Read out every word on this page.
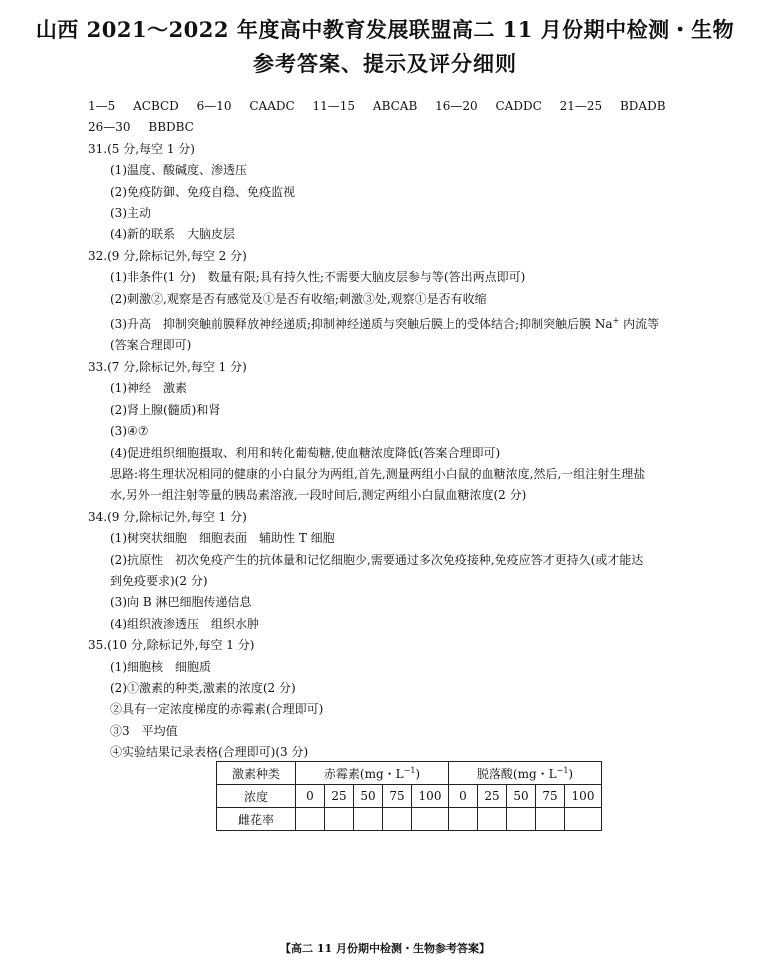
山西 2021～2022 年度高中教育发展联盟高二 11 月份期中检测・生物
参考答案、提示及评分细则
1—5 ACBCD 6—10 CAADC 11—15 ABCAB 16—20 CADDC 21—25 BDADB
26—30 BBDBC
31.(5 分,每空 1 分)
(1)温度、酸碱度、渗透压
(2)免疫防御、免疫自稳、免疫监视
(3)主动
(4)新的联系　大脑皮层
32.(9 分,除标记外,每空 2 分)
(1)非条件(1 分)　数量有限;具有持久性;不需要大脑皮层参与等(答出两点即可)
(2)刺激②,观察是否有感觉及①是否有收缩;刺激③处,观察①是否有收缩
(3)升高　抑制突触前膜释放神经递质;抑制神经递质与突触后膜上的受体结合;抑制突触后膜 Na+ 内流等
(答案合理即可)
33.(7 分,除标记外,每空 1 分)
(1)神经　激素
(2)肾上腺(髓质)和肾
(3)④⑦
(4)促进组织细胞摄取、利用和转化葡萄糖,使血糖浓度降低(答案合理即可)
思路:将生理状况相同的健康的小白鼠分为两组,首先,测量两组小白鼠的血糖浓度,然后,一组注射生理盐
水,另外一组注射等量的胰岛素溶液,一段时间后,测定两组小白鼠血糖浓度(2 分)
34.(9 分,除标记外,每空 1 分)
(1)树突状细胞　细胞表面　辅助性 T 细胞
(2)抗原性　初次免疫产生的抗体量和记忆细胞少,需要通过多次免疫接种,免疫应答才更持久(或才能达
到免疫要求)(2 分)
(3)向 B 淋巴细胞传递信息
(4)组织液渗透压　组织水肿
35.(10 分,除标记外,每空 1 分)
(1)细胞核　细胞质
(2)①激素的种类,激素的浓度(2 分)
②具有一定浓度梯度的赤霉素(合理即可)
③3　平均值
④实验结果记录表格(合理即可)(3 分)
激素种类	赤霉素(mg・$L^{-1}$)					脱落酸(mg・$L^{-1}$)				
浓度	0	25	50	75	100	0	25	50	75	100
雌花率										
【高二 11 月份期中检测・生物参考答案】
